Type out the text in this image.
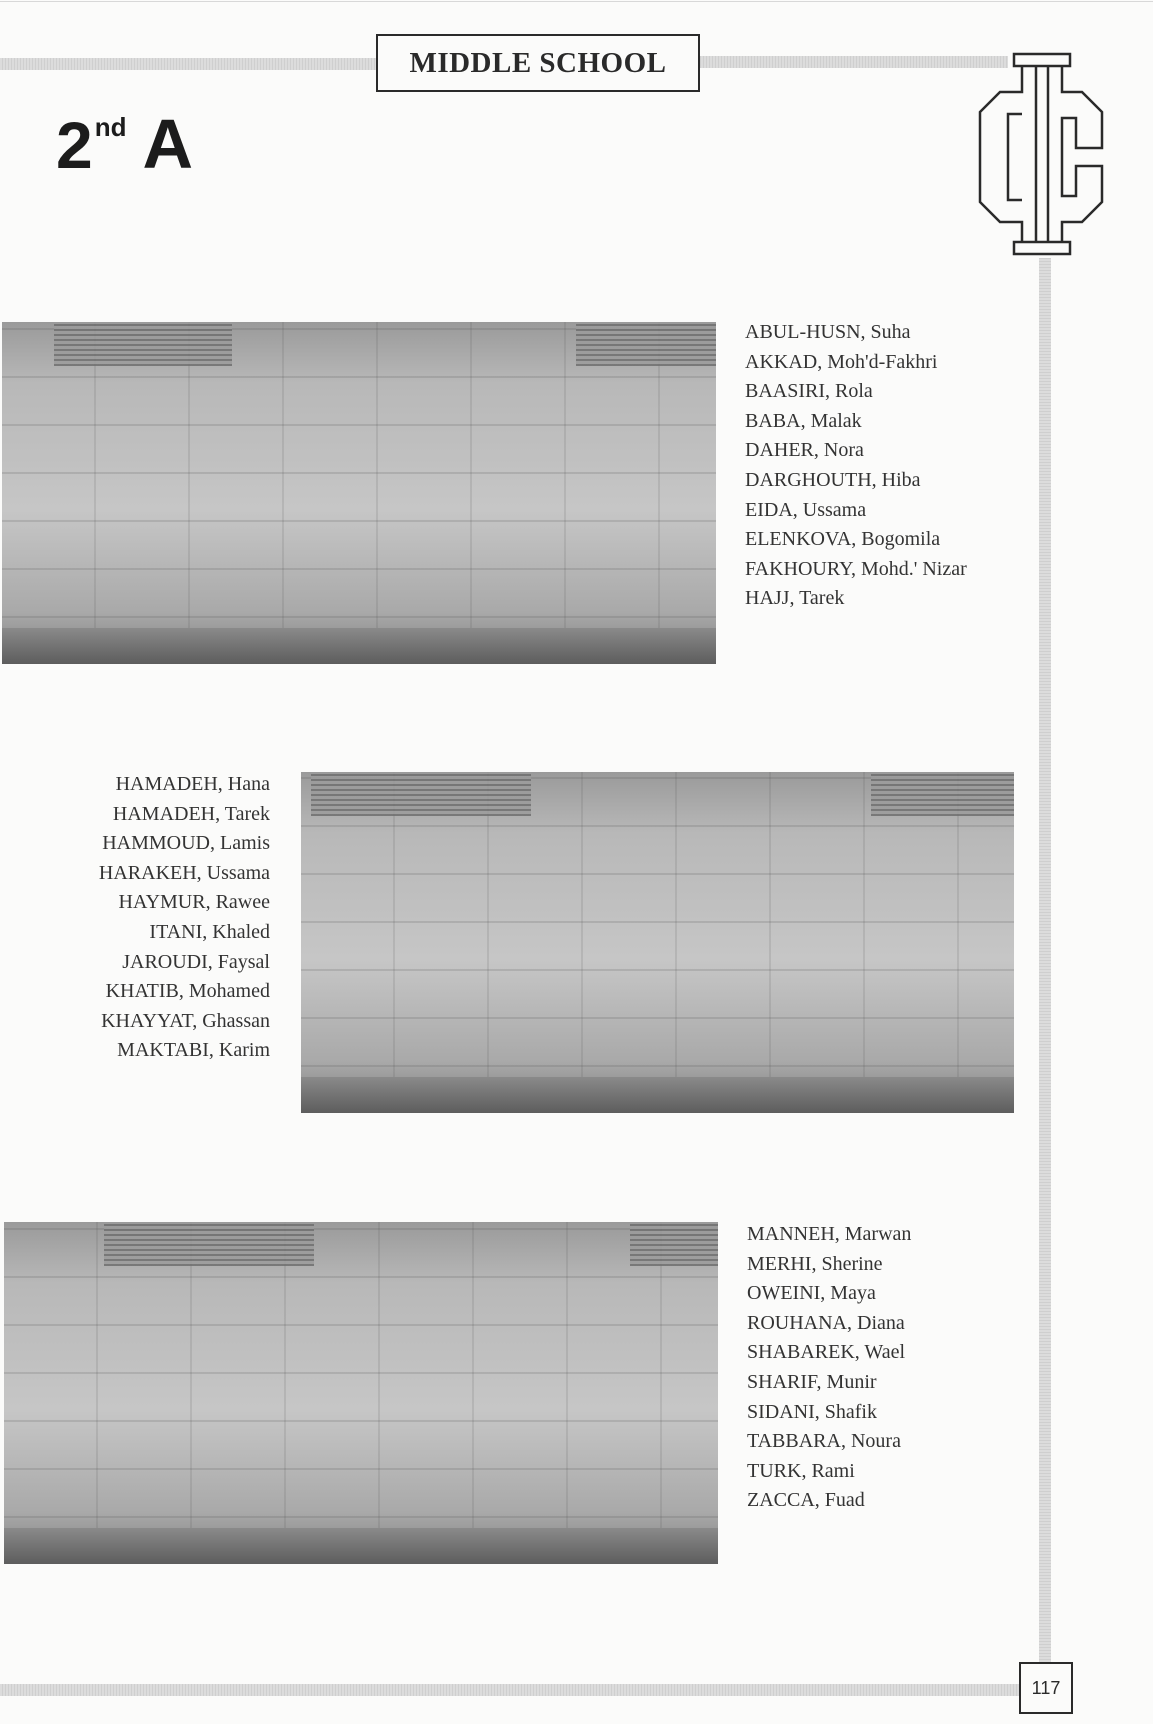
MIDDLE SCHOOL
2nd A
ABUL-HUSN, Suha
AKKAD, Moh'd-Fakhri
BAASIRI, Rola
BABA, Malak
DAHER, Nora
DARGHOUTH, Hiba
EIDA, Ussama
ELENKOVA, Bogomila
FAKHOURY, Mohd.' Nizar
HAJJ, Tarek
HAMADEH, Hana
HAMADEH, Tarek
HAMMOUD, Lamis
HARAKEH, Ussama
HAYMUR, Rawee
ITANI, Khaled
JAROUDI, Faysal
KHATIB, Mohamed
KHAYYAT, Ghassan
MAKTABI, Karim
MANNEH, Marwan
MERHI, Sherine
OWEINI, Maya
ROUHANA, Diana
SHABAREK, Wael
SHARIF, Munir
SIDANI, Shafik
TABBARA, Noura
TURK, Rami
ZACCA, Fuad
117
